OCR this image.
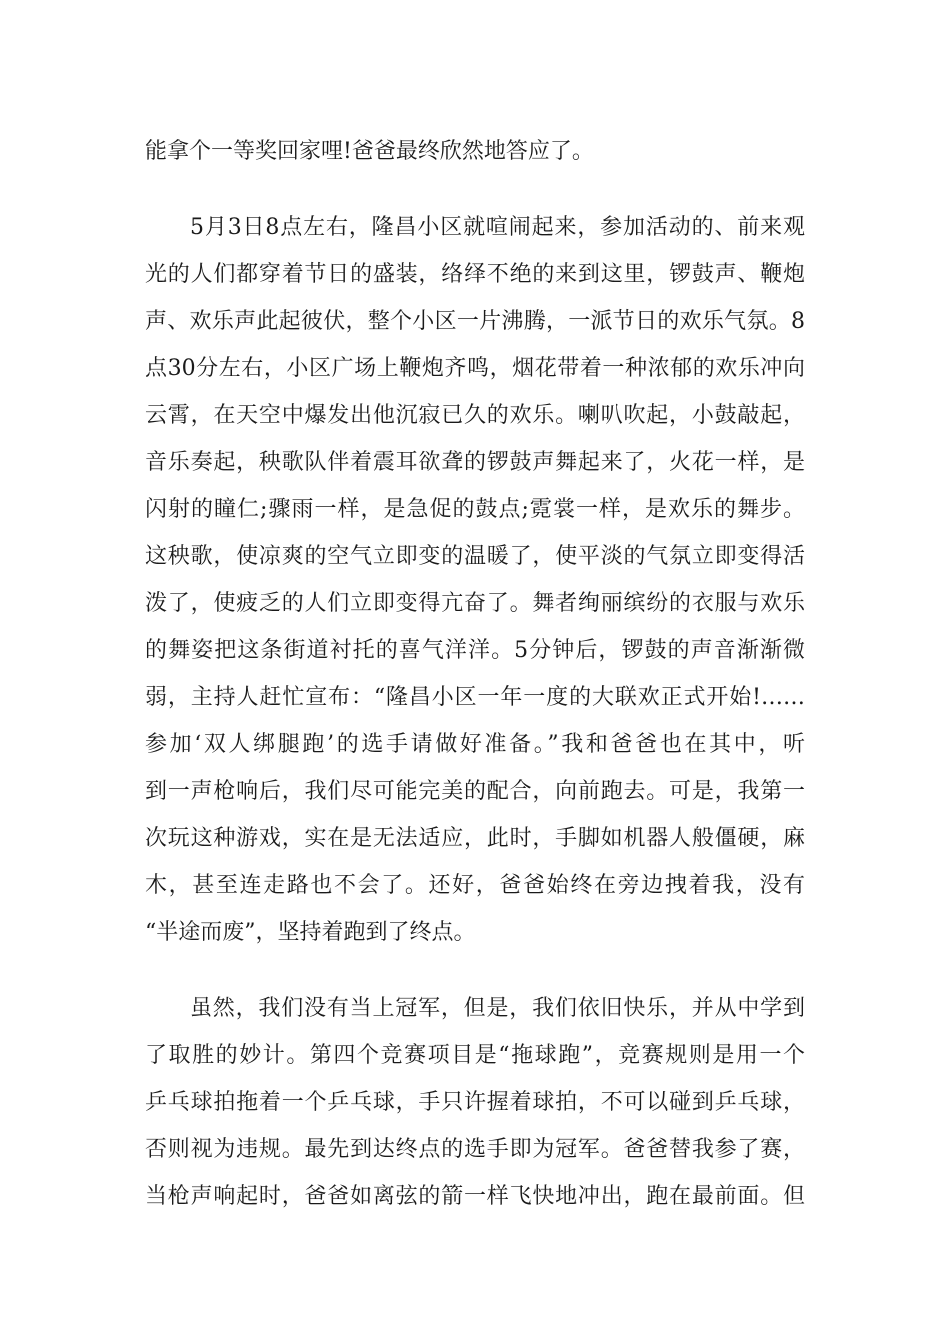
能拿个一等奖回家哩!爸爸最终欣然地答应了。
5月3日8点左右，隆昌小区就喧闹起来，参加活动的、前来观
光的人们都穿着节日的盛装，络绎不绝的来到这里，锣鼓声、鞭炮
声、欢乐声此起彼伏，整个小区一片沸腾，一派节日的欢乐气氛。8
点30分左右，小区广场上鞭炮齐鸣，烟花带着一种浓郁的欢乐冲向
云霄，在天空中爆发出他沉寂已久的欢乐。喇叭吹起，小鼓敲起，
音乐奏起，秧歌队伴着震耳欲聋的锣鼓声舞起来了，火花一样，是
闪射的瞳仁;骤雨一样，是急促的鼓点;霓裳一样，是欢乐的舞步。
这秧歌，使凉爽的空气立即变的温暖了，使平淡的气氛立即变得活
泼了，使疲乏的人们立即变得亢奋了。舞者绚丽缤纷的衣服与欢乐
的舞姿把这条街道衬托的喜气洋洋。5分钟后，锣鼓的声音渐渐微
弱，主持人赶忙宣布：“隆昌小区一年一度的大联欢正式开始!……
参加‘双人绑腿跑’的选手请做好准备。”我和爸爸也在其中，听
到一声枪响后，我们尽可能完美的配合，向前跑去。可是，我第一
次玩这种游戏，实在是无法适应，此时，手脚如机器人般僵硬，麻
木，甚至连走路也不会了。还好，爸爸始终在旁边拽着我，没有
“半途而废”，坚持着跑到了终点。
虽然，我们没有当上冠军，但是，我们依旧快乐，并从中学到
了取胜的妙计。第四个竞赛项目是“拖球跑”，竞赛规则是用一个
乒乓球拍拖着一个乒乓球，手只许握着球拍，不可以碰到乒乓球，
否则视为违规。最先到达终点的选手即为冠军。爸爸替我参了赛，
当枪声响起时，爸爸如离弦的箭一样飞快地冲出，跑在最前面。但
